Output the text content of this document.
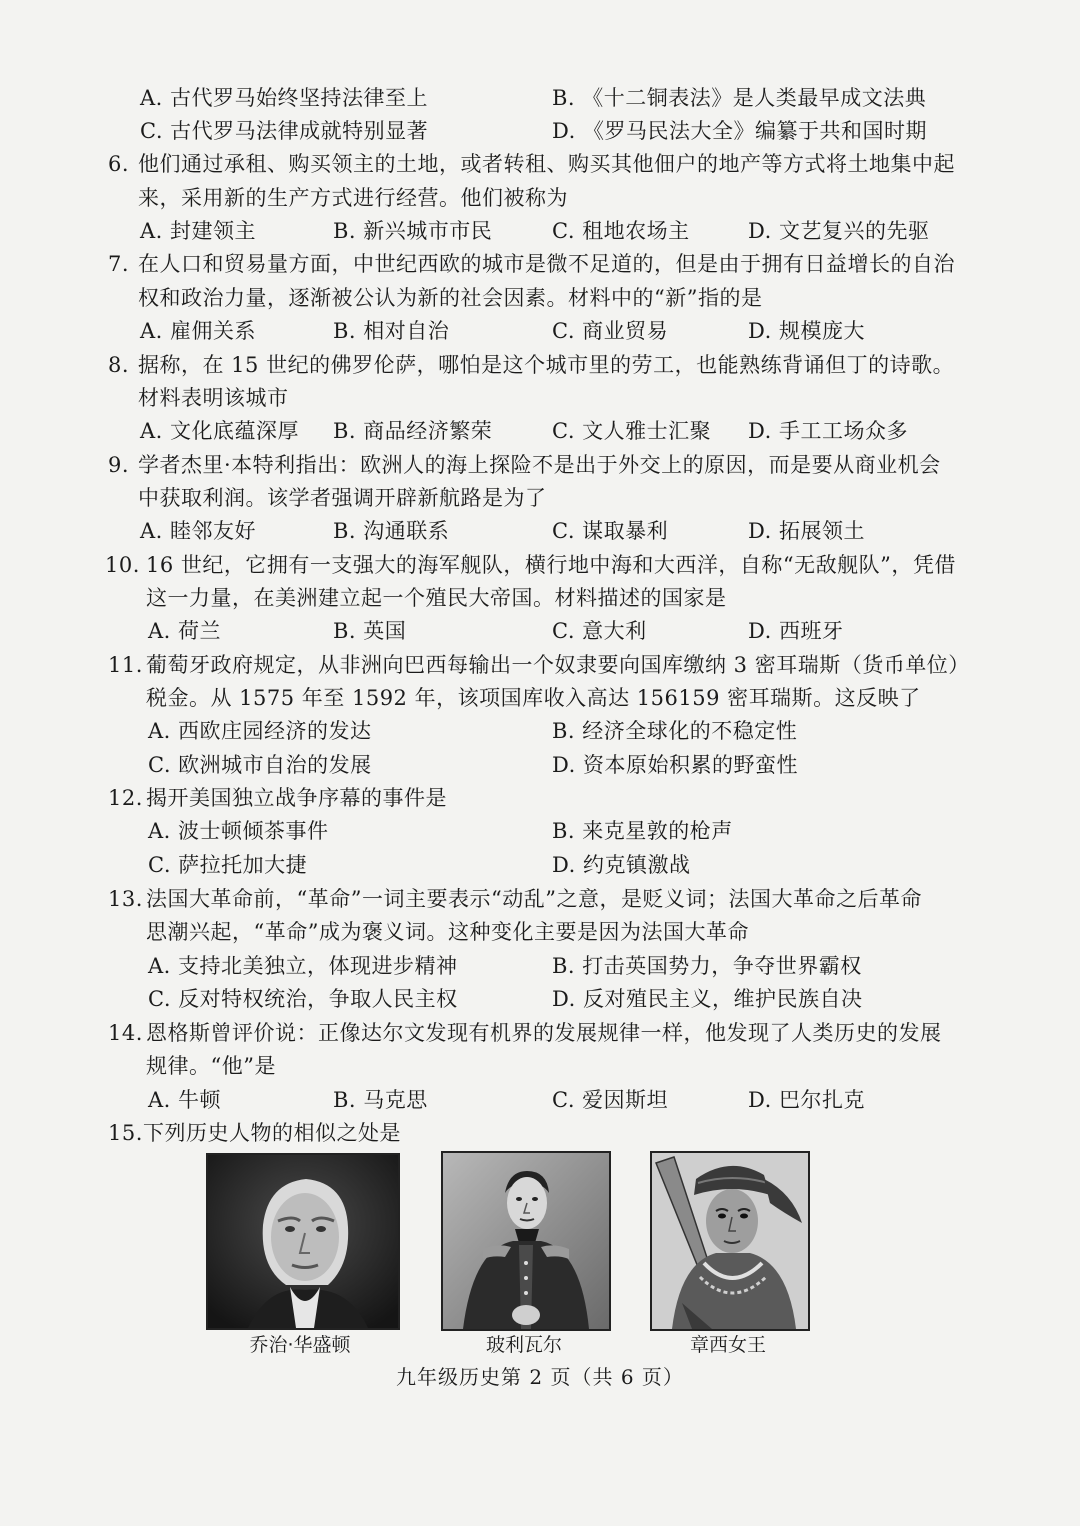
A. 古代罗马始终坚持法律至上	B. 《十二铜表法》是人类最早成文法典
C. 古代罗马法律成就特别显著	D. 《罗马民法大全》编纂于共和国时期
6. 他们通过承租、购买领主的土地，或者转租、购买其他佃户的地产等方式将土地集中起
来，采用新的生产方式进行经营。他们被称为
A. 封建领主	B. 新兴城市市民	C. 租地农场主	D. 文艺复兴的先驱
7. 在人口和贸易量方面，中世纪西欧的城市是微不足道的，但是由于拥有日益增长的自治
权和政治力量，逐渐被公认为新的社会因素。材料中的“新”指的是
A. 雇佣关系	B. 相对自治	C. 商业贸易	D. 规模庞大
8. 据称，在 15 世纪的佛罗伦萨，哪怕是这个城市里的劳工，也能熟练背诵但丁的诗歌。
材料表明该城市
A. 文化底蕴深厚 B. 商品经济繁荣	C. 文人雅士汇聚 D. 手工工场众多
9. 学者杰里·本特利指出：欧洲人的海上探险不是出于外交上的原因，而是要从商业机会
中获取利润。该学者强调开辟新航路是为了
A. 睦邻友好	B. 沟通联系	C. 谋取暴利	D. 拓展领土
10. 16 世纪，它拥有一支强大的海军舰队，横行地中海和大西洋，自称“无敌舰队”，凭借
这一力量，在美洲建立起一个殖民大帝国。材料描述的国家是
A. 荷兰	B. 英国	C. 意大利	D. 西班牙
11. 葡萄牙政府规定，从非洲向巴西每输出一个奴隶要向国库缴纳 3 密耳瑞斯（货币单位）
税金。从 1575 年至 1592 年，该项国库收入高达 156159 密耳瑞斯。这反映了
A. 西欧庄园经济的发达	B. 经济全球化的不稳定性
C. 欧洲城市自治的发展	D. 资本原始积累的野蛮性
12. 揭开美国独立战争序幕的事件是
A. 波士顿倾茶事件	B. 来克星敦的枪声
C. 萨拉托加大捷	D. 约克镇激战
13. 法国大革命前，“革命”一词主要表示“动乱”之意，是贬义词；法国大革命之后革命
思潮兴起，“革命”成为褒义词。这种变化主要是因为法国大革命
A. 支持北美独立，体现进步精神	B. 打击英国势力，争夺世界霸权
C. 反对特权统治，争取人民主权	D. 反对殖民主义，维护民族自决
14. 恩格斯曾评价说：正像达尔文发现有机界的发展规律一样，他发现了人类历史的发展
规律。“他”是
A. 牛顿	B. 马克思	C. 爱因斯坦	D. 巴尔扎克
15. 下列历史人物的相似之处是
乔治·华盛顿	玻利瓦尔	章西女王
九年级历史第 2 页（共 6 页）
